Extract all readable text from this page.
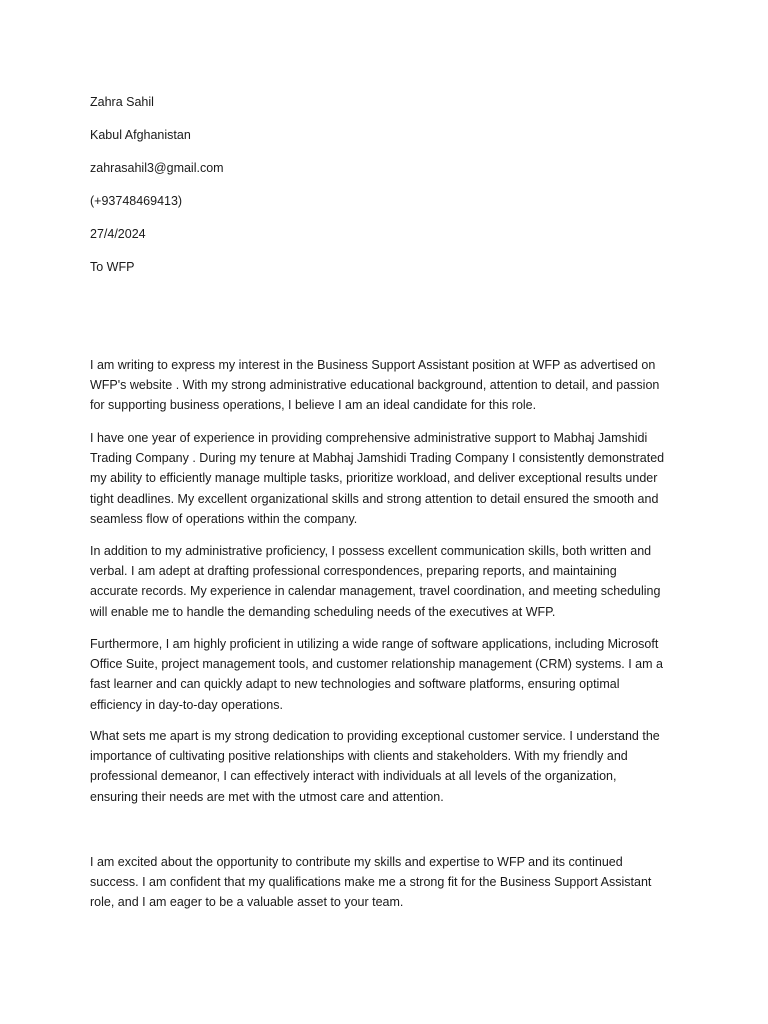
Zahra Sahil
Kabul Afghanistan
zahrasahil3@gmail.com
(+93748469413)
27/4/2024
To WFP

I am writing to express my interest in the Business Support Assistant position at WFP as advertised on
WFP's website . With my strong administrative educational background, attention to detail, and passion
for supporting business operations, I believe I am an ideal candidate for this role.

I have one year of experience in providing comprehensive administrative support to Mabhaj Jamshidi
Trading Company . During my tenure at Mabhaj Jamshidi Trading Company I consistently demonstrated
my ability to efficiently manage multiple tasks, prioritize workload, and deliver exceptional results under
tight deadlines. My excellent organizational skills and strong attention to detail ensured the smooth and
seamless flow of operations within the company.

In addition to my administrative proficiency, I possess excellent communication skills, both written and
verbal. I am adept at drafting professional correspondences, preparing reports, and maintaining
accurate records. My experience in calendar management, travel coordination, and meeting scheduling
will enable me to handle the demanding scheduling needs of the executives at WFP.

Furthermore, I am highly proficient in utilizing a wide range of software applications, including Microsoft
Office Suite, project management tools, and customer relationship management (CRM) systems. I am a
fast learner and can quickly adapt to new technologies and software platforms, ensuring optimal
efficiency in day-to-day operations.

What sets me apart is my strong dedication to providing exceptional customer service. I understand the
importance of cultivating positive relationships with clients and stakeholders. With my friendly and
professional demeanor, I can effectively interact with individuals at all levels of the organization,
ensuring their needs are met with the utmost care and attention.

I am excited about the opportunity to contribute my skills and expertise to WFP and its continued
success. I am confident that my qualifications make me a strong fit for the Business Support Assistant
role, and I am eager to be a valuable asset to your team.
